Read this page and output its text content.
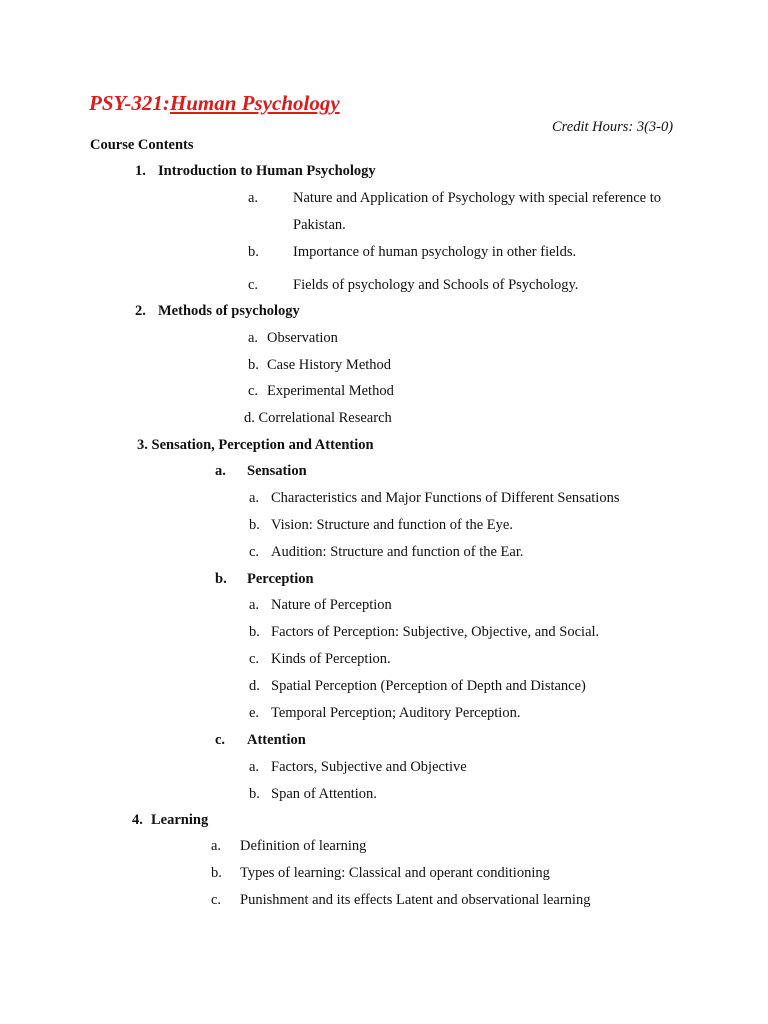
PSY-321:Human Psychology
Credit Hours: 3(3-0)
Course Contents
1. Introduction to Human Psychology
a. Nature and Application of Psychology with special reference to
Pakistan.
b. Importance of human psychology in other fields.
c. Fields of psychology and Schools of Psychology.
2. Methods of psychology
a. Observation
b. Case History Method
c. Experimental Method
d. Correlational Research
3. Sensation, Perception and Attention
a. Sensation
a. Characteristics and Major Functions of Different Sensations
b. Vision: Structure and function of the Eye.
c. Audition: Structure and function of the Ear.
b. Perception
a. Nature of Perception
b. Factors of Perception: Subjective, Objective, and Social.
c. Kinds of Perception.
d. Spatial Perception (Perception of Depth and Distance)
e. Temporal Perception; Auditory Perception.
c. Attention
a. Factors, Subjective and Objective
b. Span of Attention.
4. Learning
a. Definition of learning
b. Types of learning: Classical and operant conditioning
c. Punishment and its effects Latent and observational learning
